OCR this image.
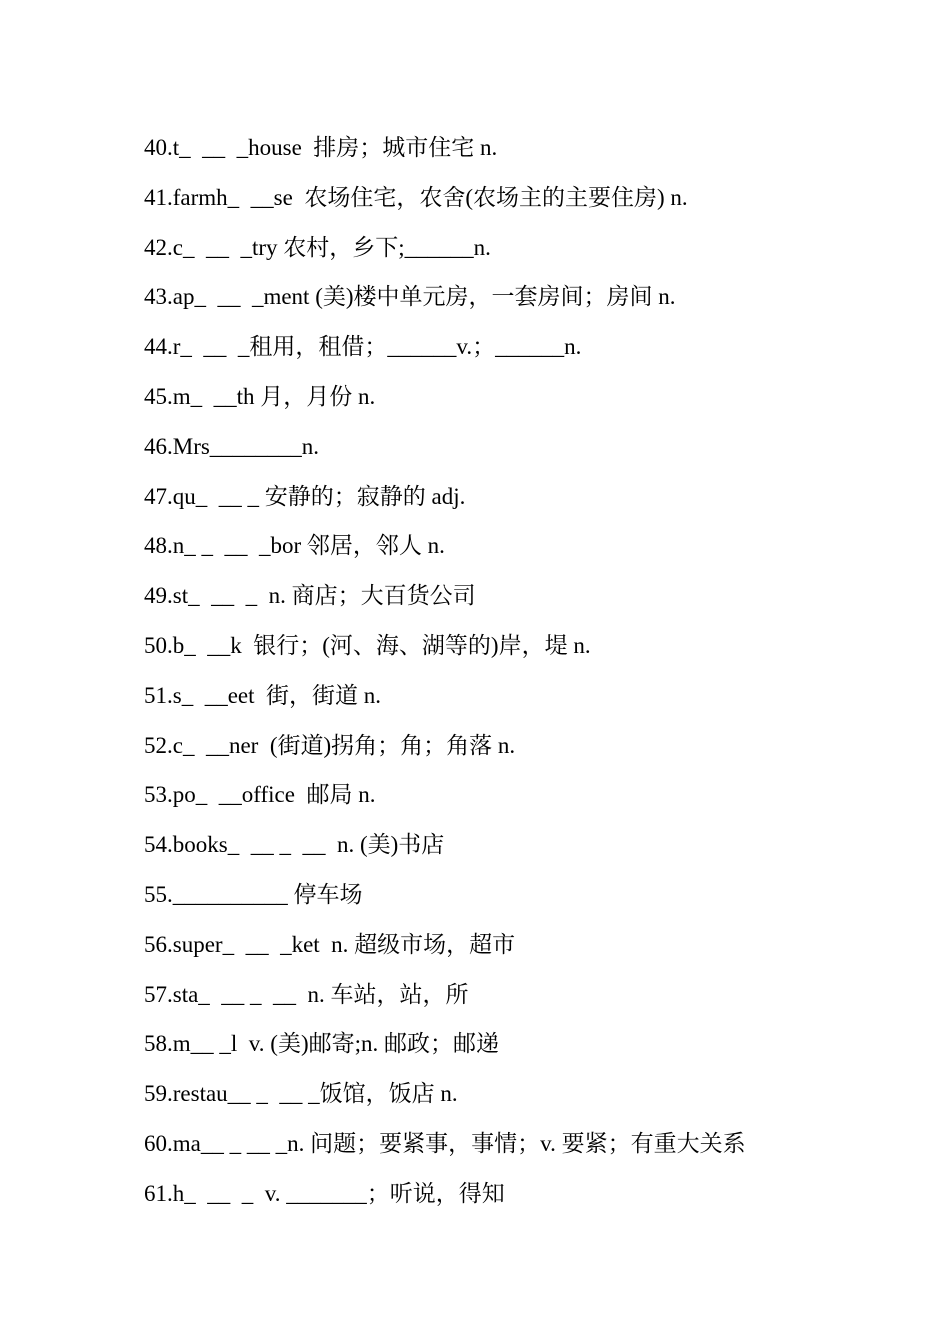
40.t_  __  _house  排房；城市住宅 n.
41.farmh_  __se  农场住宅，农舍(农场主的主要住房) n.
42.c_  __  _try 农村，乡下;______n.
43.ap_  __  _ment (美)楼中单元房，一套房间；房间 n.
44.r_  __  _租用，租借；______v.；______n.
45.m_  __th 月，月份 n.
46.Mrs________n.
47.qu_  __ _ 安静的；寂静的 adj.
48.n_ _  __  _bor 邻居，邻人 n.
49.st_  __  _  n. 商店；大百货公司
50.b_  __k  银行；(河、海、湖等的)岸，堤 n.
51.s_  __eet  街，街道 n.
52.c_  __ner  (街道)拐角；角；角落 n.
53.po_  __office  邮局 n.
54.books_  __ _  __  n. (美)书店
55.__________ 停车场
56.super_  __  _ket  n. 超级市场，超市
57.sta_  __ _  __  n. 车站，站，所
58.m__ _l  v. (美)邮寄;n. 邮政；邮递
59.restau__ _  __ _饭馆，饭店 n.
60.ma__ _ __ _n. 问题；要紧事，事情；v. 要紧；有重大关系
61.h_  __  _  v. _______；听说，得知
